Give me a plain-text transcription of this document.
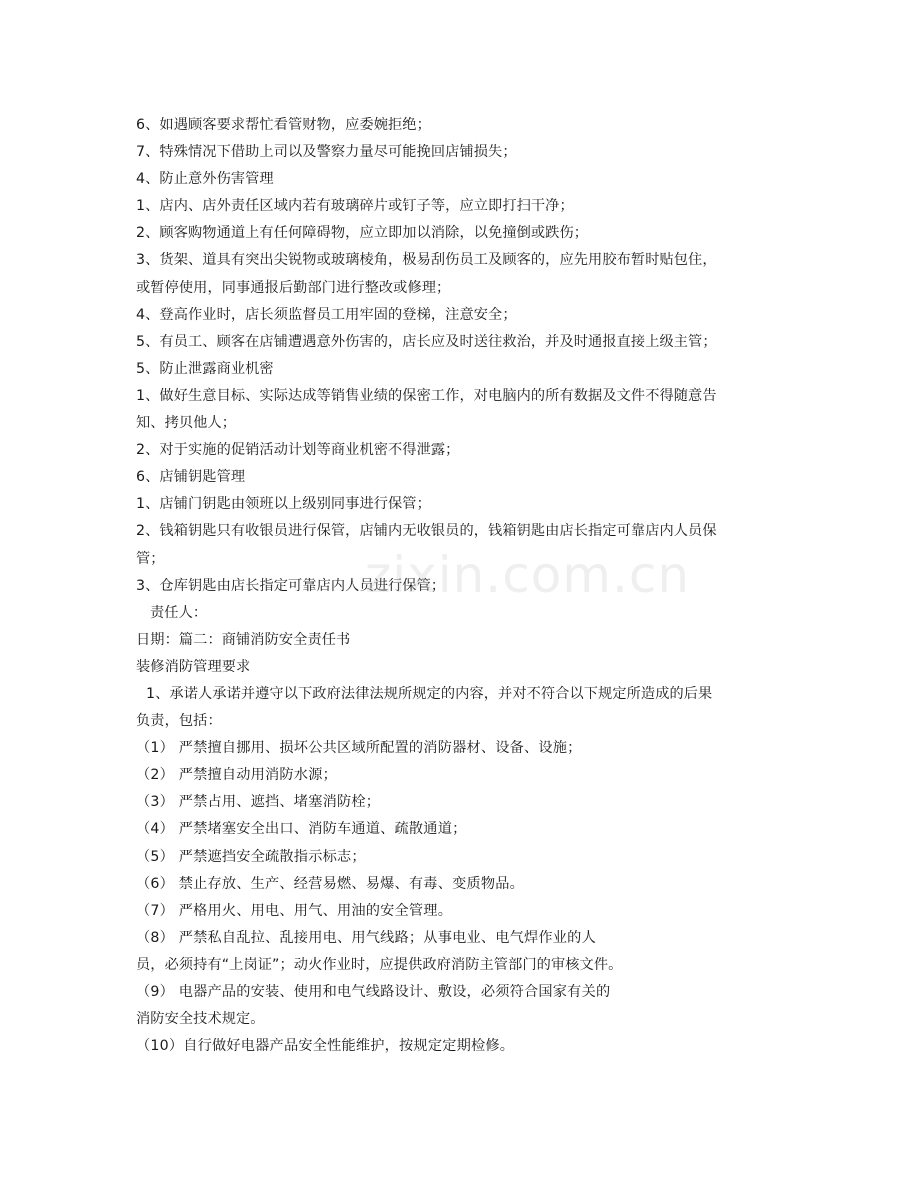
6、如遇顾客要求帮忙看管财物，应委婉拒绝；
7、特殊情况下借助上司以及警察力量尽可能挽回店铺损失；
4、防止意外伤害管理
1、店内、店外责任区域内若有玻璃碎片或钉子等，应立即打扫干净；
2、顾客购物通道上有任何障碍物，应立即加以消除，以免撞倒或跌伤；
3、货架、道具有突出尖锐物或玻璃棱角，极易刮伤员工及顾客的，应先用胶布暂时贴包住，
或暂停使用，同事通报后勤部门进行整改或修理；
4、登高作业时，店长须监督员工用牢固的登梯，注意安全；
5、有员工、顾客在店铺遭遇意外伤害的，店长应及时送往救治，并及时通报直接上级主管；
5、防止泄露商业机密
1、做好生意目标、实际达成等销售业绩的保密工作，对电脑内的所有数据及文件不得随意告
知、拷贝他人；
2、对于实施的促销活动计划等商业机密不得泄露；
6、店铺钥匙管理
1、店铺门钥匙由领班以上级别同事进行保管；
2、钱箱钥匙只有收银员进行保管，店铺内无收银员的，钱箱钥匙由店长指定可靠店内人员保
管；
3、仓库钥匙由店长指定可靠店内人员进行保管；
责任人：
日期：篇二：商铺消防安全责任书
装修消防管理要求
1、承诺人承诺并遵守以下政府法律法规所规定的内容，并对不符合以下规定所造成的后果
负责，包括：
（1） 严禁擅自挪用、损坏公共区域所配置的消防器材、设备、设施；
（2） 严禁擅自动用消防水源；
（3） 严禁占用、遮挡、堵塞消防栓；
（4） 严禁堵塞安全出口、消防车通道、疏散通道；
（5） 严禁遮挡安全疏散指示标志；
（6） 禁止存放、生产、经营易燃、易爆、有毒、变质物品。
（7） 严格用火、用电、用气、用油的安全管理。
（8） 严禁私自乱拉、乱接用电、用气线路；从事电业、电气焊作业的人
员，必须持有“上岗证”；动火作业时，应提供政府消防主管部门的审核文件。
（9） 电器产品的安装、使用和电气线路设计、敷设，必须符合国家有关的
消防安全技术规定。
（10）自行做好电器产品安全性能维护，按规定定期检修。
zixin.com.cn
